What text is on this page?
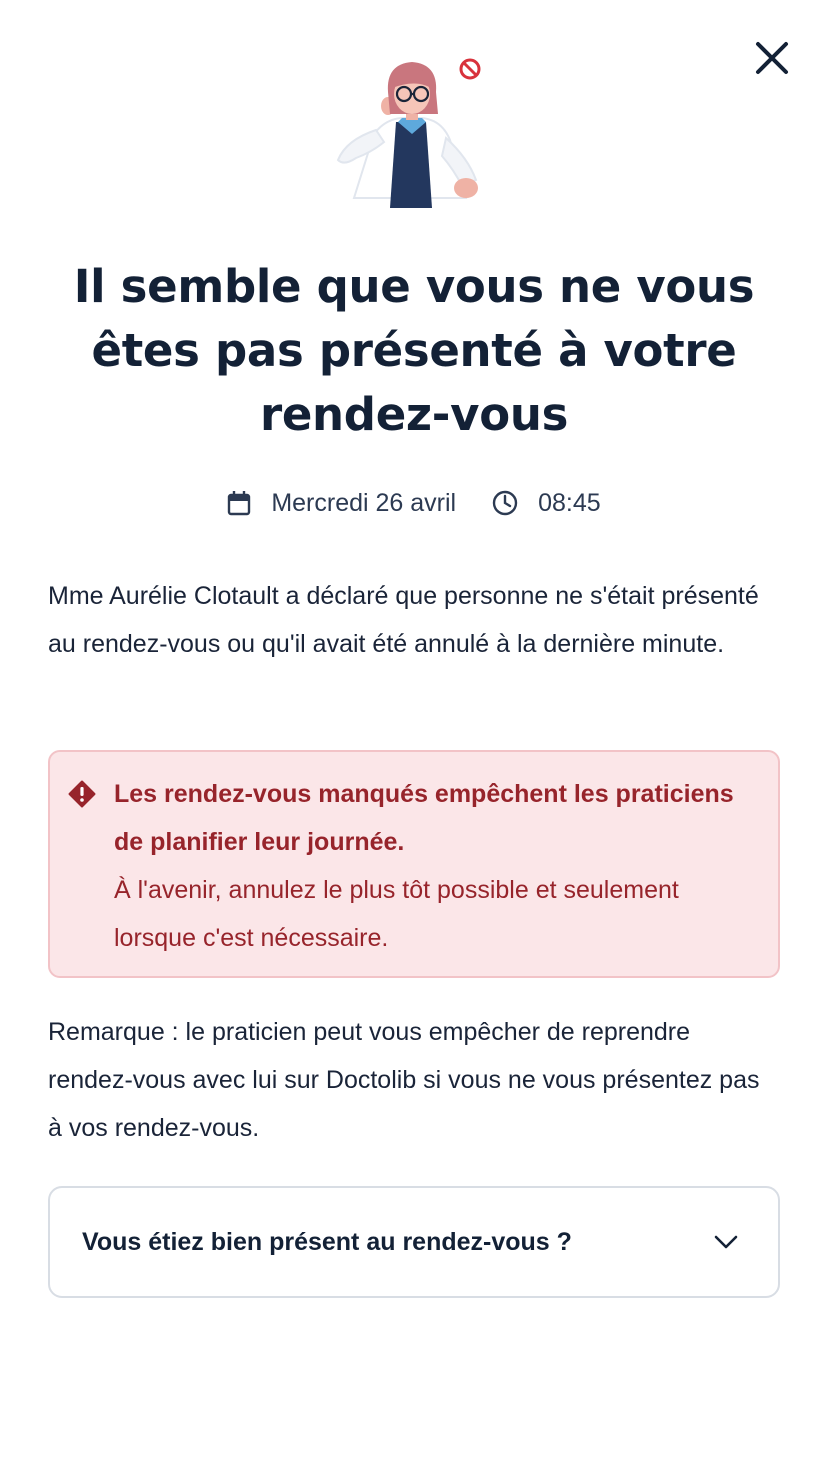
Il semble que vous ne vous êtes pas présenté à votre rendez-vous
Mercredi 26 avril	08:45

Mme Aurélie Clotault a déclaré que personne ne s'était présenté au rendez-vous ou qu'il avait été annulé à la dernière minute.

Les rendez-vous manqués empêchent les praticiens de planifier leur journée.
À l'avenir, annulez le plus tôt possible et seulement lorsque c'est nécessaire.

Remarque : le praticien peut vous empêcher de reprendre rendez-vous avec lui sur Doctolib si vous ne vous présentez pas à vos rendez-vous.

Vous étiez bien présent au rendez-vous ?
